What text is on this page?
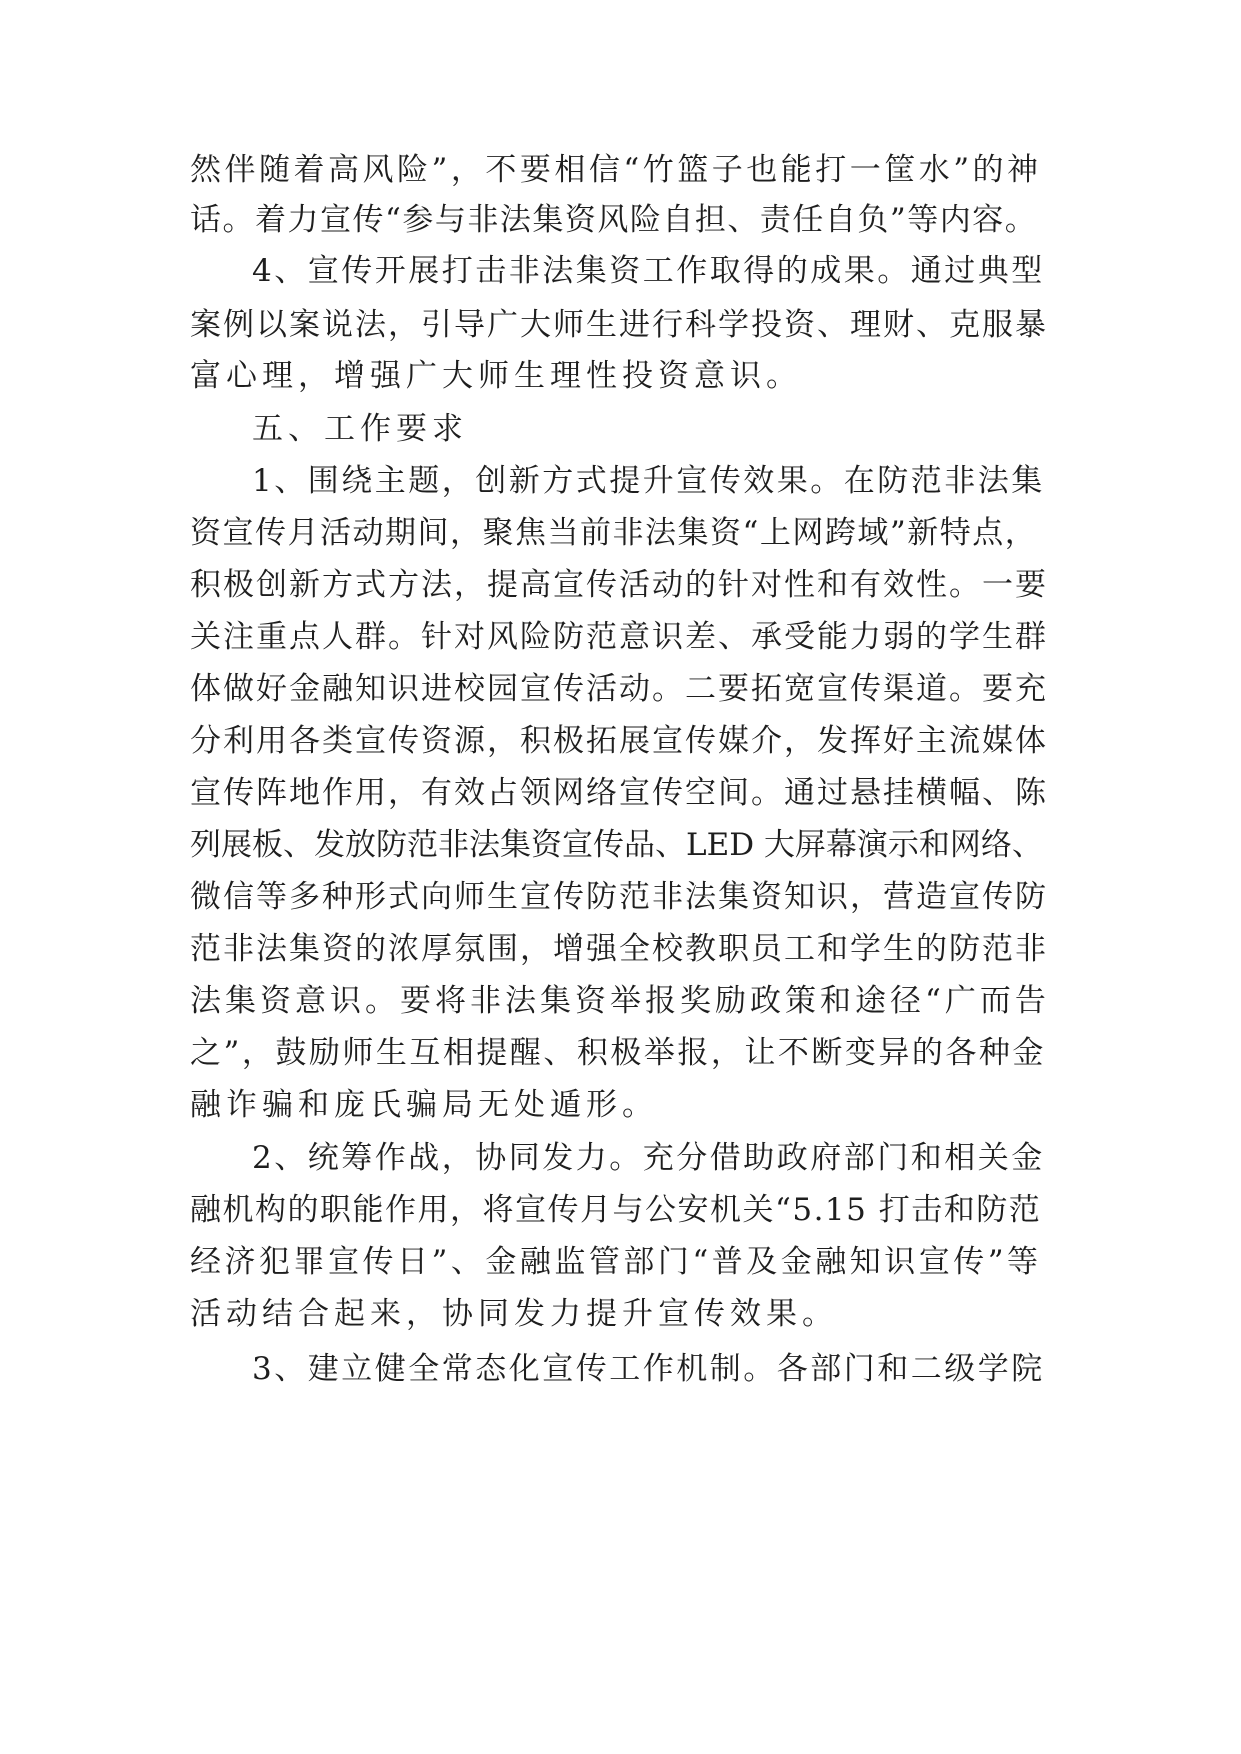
然伴随着高风险”，不要相信“竹篮子也能打一筐水”的神
话。着力宣传“参与非法集资风险自担、责任自负”等内容。
4、宣传开展打击非法集资工作取得的成果。通过典型
案例以案说法，引导广大师生进行科学投资、理财、克服暴
富心理，增强广大师生理性投资意识。
五、工作要求
1、围绕主题，创新方式提升宣传效果。在防范非法集
资宣传月活动期间，聚焦当前非法集资“上网跨域”新特点，
积极创新方式方法，提高宣传活动的针对性和有效性。一要
关注重点人群。针对风险防范意识差、承受能力弱的学生群
体做好金融知识进校园宣传活动。二要拓宽宣传渠道。要充
分利用各类宣传资源，积极拓展宣传媒介，发挥好主流媒体
宣传阵地作用，有效占领网络宣传空间。通过悬挂横幅、陈
列展板、发放防范非法集资宣传品、LED 大屏幕演示和网络、
微信等多种形式向师生宣传防范非法集资知识，营造宣传防
范非法集资的浓厚氛围，增强全校教职员工和学生的防范非
法集资意识。要将非法集资举报奖励政策和途径“广而告
之”，鼓励师生互相提醒、积极举报，让不断变异的各种金
融诈骗和庞氏骗局无处遁形。
2、统筹作战，协同发力。充分借助政府部门和相关金
融机构的职能作用，将宣传月与公安机关“5.15 打击和防范
经济犯罪宣传日”、金融监管部门“普及金融知识宣传”等
活动结合起来，协同发力提升宣传效果。
3、建立健全常态化宣传工作机制。各部门和二级学院
